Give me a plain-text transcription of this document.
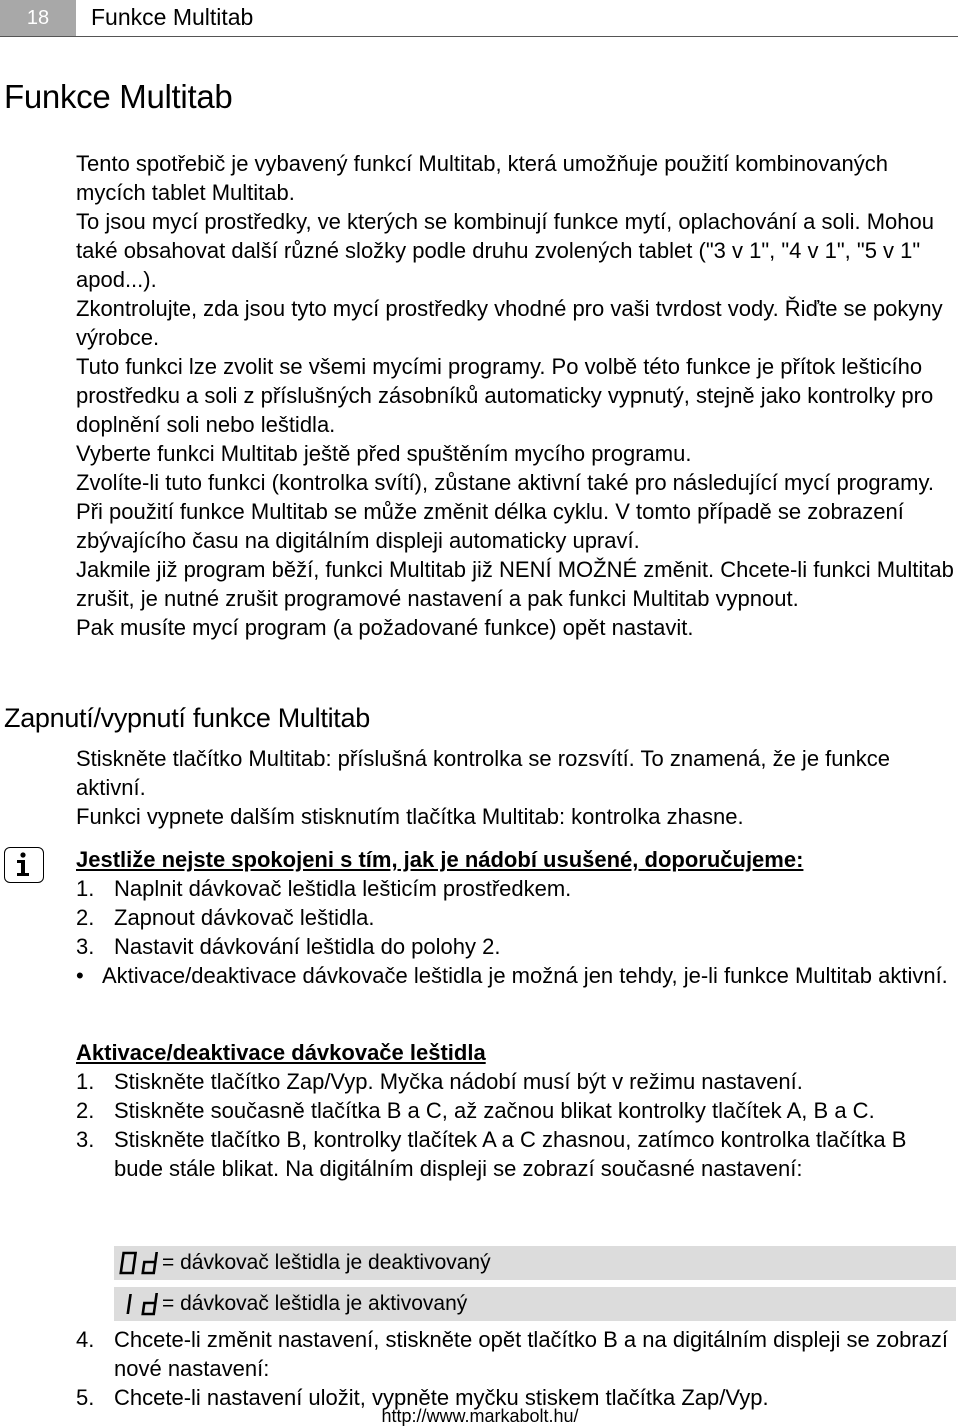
18	Funkce Multitab
Funkce Multitab

Tento spotřebič je vybavený funkcí Multitab, která umožňuje použití kombinovaných mycích tablet Multitab.

To jsou mycí prostředky, ve kterých se kombinují funkce mytí, oplachování a soli. Mohou také obsahovat další různé složky podle druhu zvolených tablet ("3 v 1", "4 v 1", "5 v 1" apod...).

Zkontrolujte, zda jsou tyto mycí prostředky vhodné pro vaši tvrdost vody. Řiďte se pokyny výrobce.

Tuto funkci lze zvolit se všemi mycími programy. Po volbě této funkce je přítok lešticího prostředku a soli z příslušných zásobníků automaticky vypnutý, stejně jako kontrolky pro doplnění soli nebo leštidla.

Vyberte funkci Multitab ještě před spuštěním mycího programu.

Zvolíte-li tuto funkci (kontrolka svítí), zůstane aktivní také pro následující mycí programy.

Při použití funkce Multitab se může změnit délka cyklu. V tomto případě se zobrazení zbývajícího času na digitálním displeji automaticky upraví.

Jakmile již program běží, funkci Multitab již NENÍ MOŽNÉ změnit. Chcete-li funkci Multitab zrušit, je nutné zrušit programové nastavení a pak funkci Multitab vypnout.

Pak musíte mycí program (a požadované funkce) opět nastavit.

Zapnutí/vypnutí funkce Multitab

Stiskněte tlačítko Multitab: příslušná kontrolka se rozsvítí. To znamená, že je funkce aktivní.

Funkci vypnete dalším stisknutím tlačítka Multitab: kontrolka zhasne.

Jestliže nejste spokojeni s tím, jak je nádobí usušené, doporučujeme:
1. Naplnit dávkovač leštidla lešticím prostředkem.
2. Zapnout dávkovač leštidla.
3. Nastavit dávkování leštidla do polohy 2.
• Aktivace/deaktivace dávkovače leštidla je možná jen tehdy, je-li funkce Multitab aktivní.
Aktivace/deaktivace dávkovače leštidla
1. Stiskněte tlačítko Zap/Vyp. Myčka nádobí musí být v režimu nastavení.
2. Stiskněte současně tlačítka B a C, až začnou blikat kontrolky tlačítek A, B a C.
3. Stiskněte tlačítko B, kontrolky tlačítek A a C zhasnou, zatímco kontrolka tlačítka B bude stále blikat. Na digitálním displeji se zobrazí současné nastavení:
= dávkovač leštidla je deaktivovaný
= dávkovač leštidla je aktivovaný
4. Chcete-li změnit nastavení, stiskněte opět tlačítko B a na digitálním displeji se zobrazí nové nastavení:
5. Chcete-li nastavení uložit, vypněte myčku stiskem tlačítka Zap/Vyp.
http://www.markabolt.hu/
